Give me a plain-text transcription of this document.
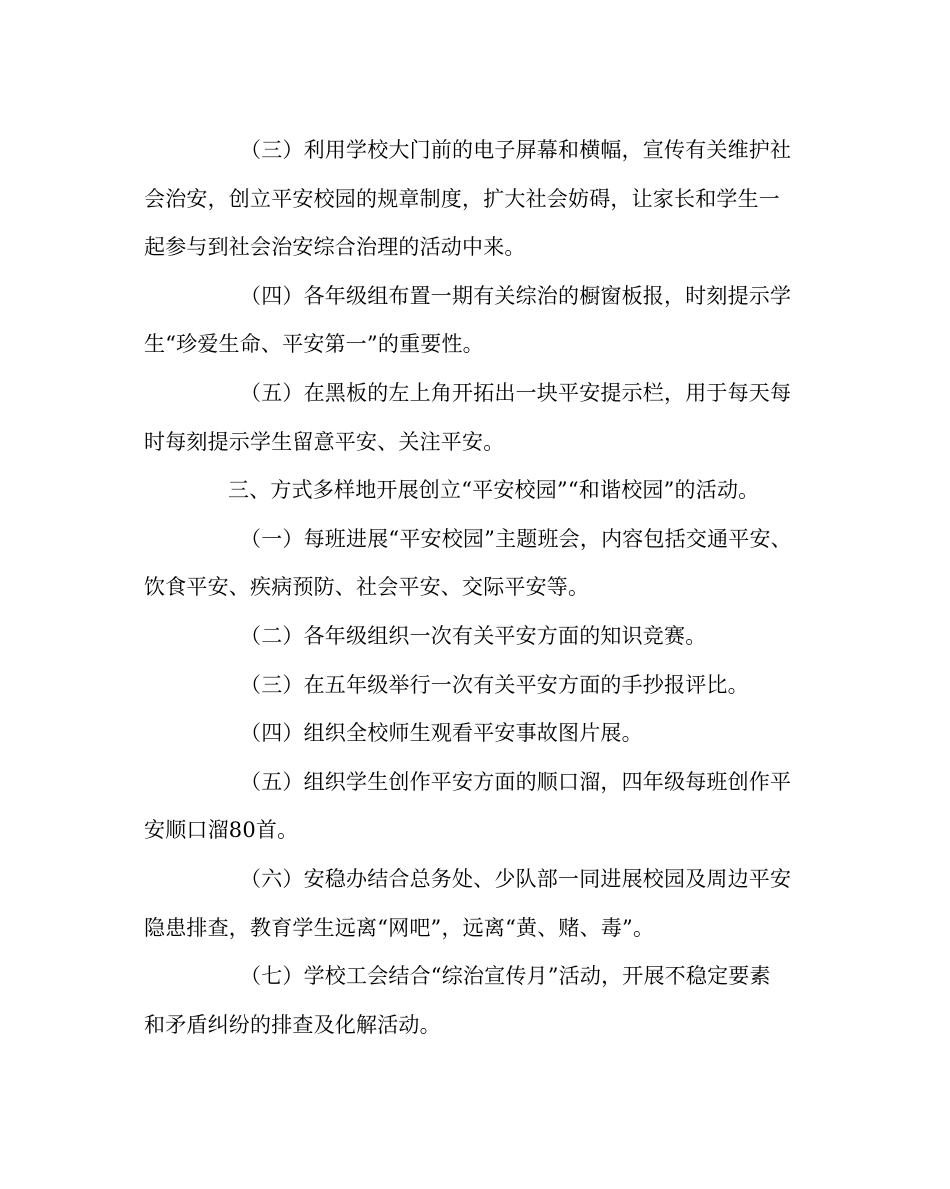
（三）利用学校大门前的电子屏幕和横幅，宣传有关维护社
会治安，创立平安校园的规章制度，扩大社会妨碍，让家长和学生一
起参与到社会治安综合治理的活动中来。

（四）各年级组布置一期有关综治的橱窗板报，时刻提示学
生“珍爱生命、平安第一”的重要性。

（五）在黑板的左上角开拓出一块平安提示栏，用于每天每
时每刻提示学生留意平安、关注平安。

三、方式多样地开展创立“平安校园”“和谐校园”的活动。

（一）每班进展“平安校园”主题班会，内容包括交通平安、
饮食平安、疾病预防、社会平安、交际平安等。

（二）各年级组织一次有关平安方面的知识竞赛。

（三）在五年级举行一次有关平安方面的手抄报评比。

（四）组织全校师生观看平安事故图片展。

（五）组织学生创作平安方面的顺口溜，四年级每班创作平
安顺口溜80首。

（六）安稳办结合总务处、少队部一同进展校园及周边平安
隐患排查，教育学生远离“网吧”，远离“黄、赌、毒”。

（七）学校工会结合“综治宣传月”活动，开展不稳定要素
和矛盾纠纷的排查及化解活动。
